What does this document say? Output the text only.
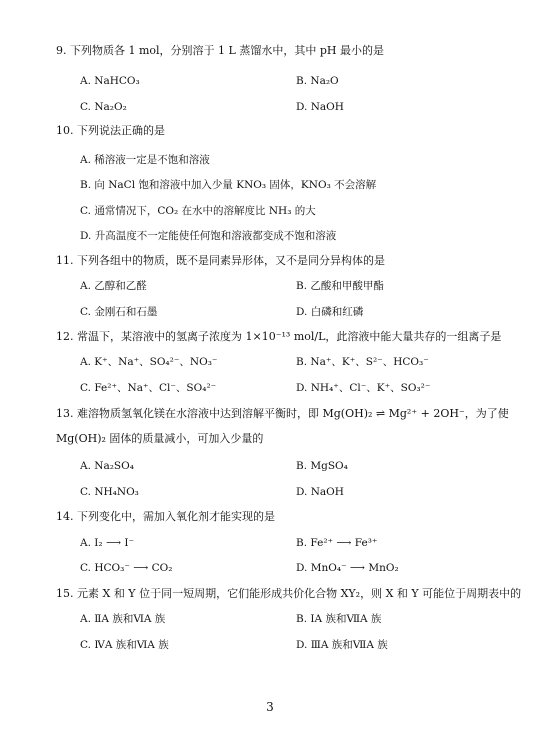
9. 下列物质各 1 mol，分别溶于 1 L 蒸馏水中，其中 pH 最小的是
A. NaHCO₃	B. Na₂O
C. Na₂O₂	D. NaOH
10. 下列说法正确的是
A. 稀溶液一定是不饱和溶液
B. 向 NaCl 饱和溶液中加入少量 KNO₃ 固体，KNO₃ 不会溶解
C. 通常情况下，CO₂ 在水中的溶解度比 NH₃ 的大
D. 升高温度不一定能使任何饱和溶液都变成不饱和溶液
11. 下列各组中的物质，既不是同素异形体，又不是同分异构体的是
A. 乙醇和乙醛	B. 乙酸和甲酸甲酯
C. 金刚石和石墨	D. 白磷和红磷
12. 常温下，某溶液中的氢离子浓度为 1×10⁻¹³ mol/L，此溶液中能大量共存的一组离子是
A. K⁺、Na⁺、SO₄²⁻、NO₃⁻	B. Na⁺、K⁺、S²⁻、HCO₃⁻
C. Fe²⁺、Na⁺、Cl⁻、SO₄²⁻	D. NH₄⁺、Cl⁻、K⁺、SO₃²⁻
13. 难溶物质氢氧化镁在水溶液中达到溶解平衡时，即 Mg(OH)₂ ⇌ Mg²⁺ + 2OH⁻，为了使
Mg(OH)₂ 固体的质量减小，可加入少量的
A. Na₂SO₄	B. MgSO₄
C. NH₄NO₃	D. NaOH
14. 下列变化中，需加入氧化剂才能实现的是
A. I₂ ⟶ I⁻	B. Fe²⁺ ⟶ Fe³⁺
C. HCO₃⁻ ⟶ CO₂	D. MnO₄⁻ ⟶ MnO₂
15. 元素 X 和 Y 位于同一短周期，它们能形成共价化合物 XY₂，则 X 和 Y 可能位于周期表中的
A. ⅡA 族和ⅥA 族	B. ⅠA 族和ⅦA 族
C. ⅣA 族和ⅥA 族	D. ⅢA 族和ⅦA 族
3
